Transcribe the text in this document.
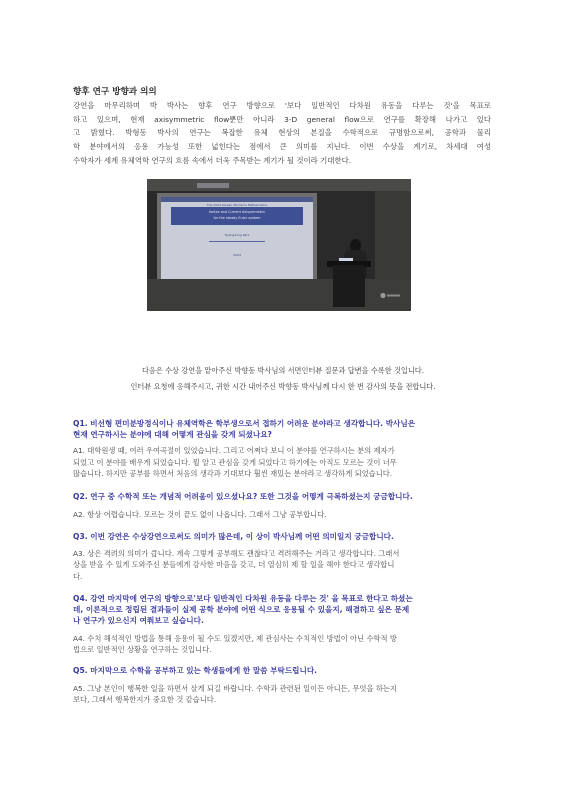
향후 연구 방향과 의의
강연을 마무리하며 박 박사는 향후 연구 방향으로 '보다 일반적인 다차원 유동을 다루는 것'을 목표로
하고 있으며, 현재 axisymmetric flow뿐만 아니라 3-D general flow으로 연구를 확장해 나가고 있다
고 밝혔다. 박형동 박사의 연구는 복잡한 유체 현상의 본질을 수학적으로 규명함으로써, 공학과 물리
학 분야에서의 응용 가능성 또한 넓힌다는 점에서 큰 의미를 지닌다. 이번 수상을 계기로, 차세대 여성
수학자가 세계 유체역학 연구의 흐름 속에서 더욱 주목받는 계기가 될 것이라 기대한다.
The 2024 Korean Women's Mathematics
Vortex and Current Axisymmetric
for the steady Euler system
Hyangdong Park
2024
다음은 수상 강연을 맡아주신 박향동 박사님의 서면인터뷰 질문과 답변을 수록한 것입니다.
인터뷰 요청에 응해주시고, 귀한 시간 내어주신 박향동 박사님께 다시 한 번 감사의 뜻을 전합니다.
Q1. 비선형 편미분방정식이나 유체역학은 학부생으로서 접하기 어려운 분야라고 생각합니다. 박사님은
현재 연구하시는 분야에 대해 어떻게 관심을 갖게 되셨나요?
A1. 대학원생 때, 여러 우여곡절이 있었습니다. 그리고 어쩌다 보니 이 분야를 연구하시는 분의 제자가
되었고 이 분야를 배우게 되었습니다. 뭘 알고 관심을 갖게 되었다고 하기에는 아직도 모르는 것이 너무
많습니다. 하지만 공부를 하면서 처음의 생각과 기대보다 훨씬 재밌는 분야라고 생각하게 되었습니다.
Q2. 연구 중 수학적 또는 개념적 어려움이 있으셨나요? 또한 그것을 어떻게 극복하셨는지 궁금합니다.
A2. 항상 어렵습니다. 모르는 것이 끝도 없이 나옵니다. 그래서 그냥 공부합니다.
Q3. 이번 강연은 수상강연으로써도 의미가 많은데, 이 상이 박사님께 어떤 의미일지 궁금합니다.
A3. 상은 격려의 의미가 큽니다. 계속 그렇게 공부해도 괜찮다고 격려해주는 거라고 생각합니다. 그래서
상을 받을 수 있게 도와주신 분들에게 감사한 마음을 갖고, 더 열심히 제 할 일을 해야 한다고 생각합니
다.
Q4. 강연 마지막에 연구의 방향으로'보다 일반적인 다차원 유동을 다루는 것' 을 목표로 한다고 하셨는
데, 이론적으로 정립된 결과들이 실제 공학 분야에 어떤 식으로 응용될 수 있을지, 해결하고 싶은 문제
나 연구가 있으신지 여쭤보고 싶습니다.
A4. 수치 해석적인 방법을 통해 응용이 될 수도 있겠지만, 제 관심사는 수치적인 방법이 아닌 수학적 방
법으로 일반적인 상황을 연구하는 것입니다.
Q5. 마지막으로 수학을 공부하고 있는 학생들에게 한 말씀 부탁드립니다.
A5. 그냥 본인이 행복한 일을 하면서 살게 되길 바랍니다. 수학과 관련된 일이든 아니든, 무엇을 하는지
보다, 그래서 행복한지가 중요한 것 같습니다.
